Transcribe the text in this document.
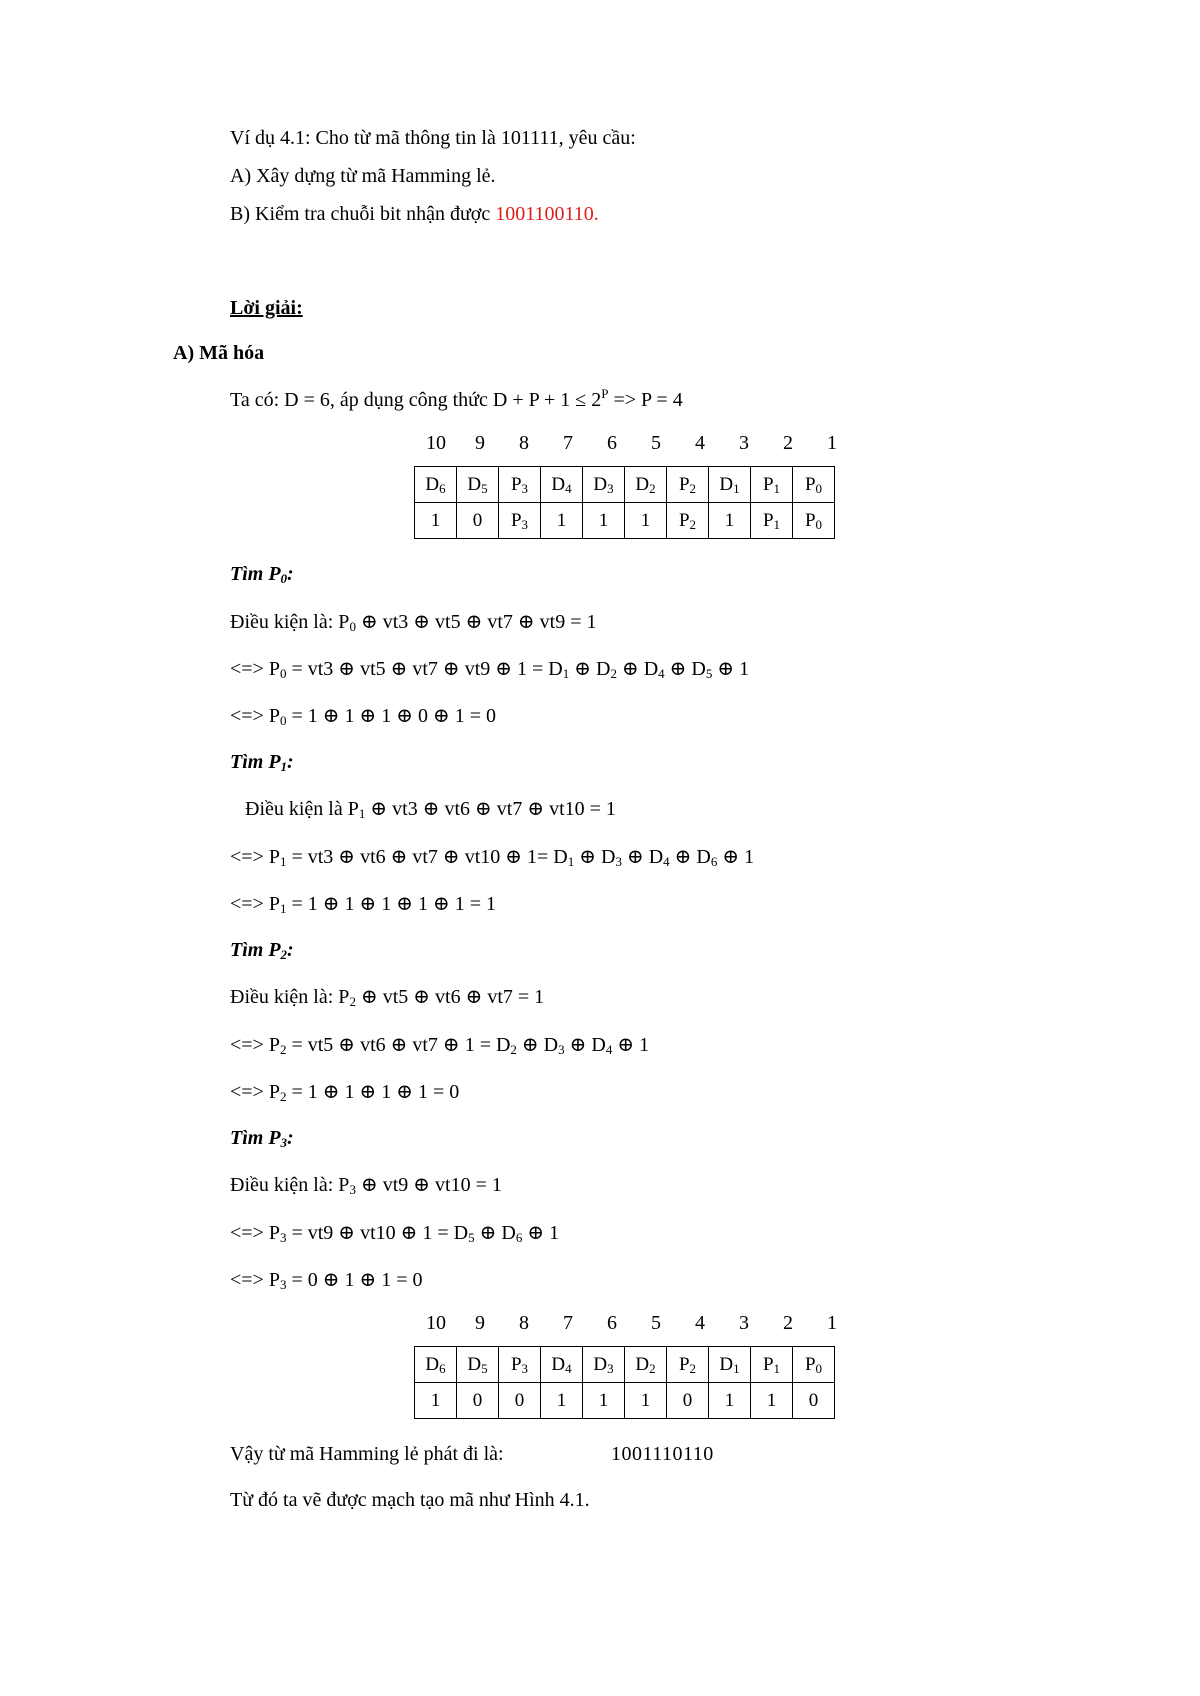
Ví dụ 4.1: Cho từ mã thông tin là 101111, yêu cầu:
A) Xây dựng từ mã Hamming lẻ.
B) Kiểm tra chuỗi bit nhận được 1001100110.
Lời giải:
A) Mã hóa
Ta có: D = 6, áp dụng công thức $D + P + 1 \le 2^P => P = 4$
10	9	8	7	6	5	4	3	2	1
$D_6$	$D_5$	$P_3$	$D_4$	$D_3$	$D_2$	$P_2$	$D_1$	$P_1$	$P_0$
1	0	$P_3$	1	1	1	$P_2$	1	$P_1$	$P_0$
Tìm $P_0$:
Điều kiện là: $P_0$ ⊕ vt3 ⊕ vt5 ⊕ vt7 ⊕ vt9 = 1
<=> $P_0 = vt3$ ⊕ vt5 ⊕ vt7 ⊕ vt9 ⊕ $1 = D_1$ ⊕ $D_2$ ⊕ $D_4$ ⊕ $D_5$ ⊕ 1
<=> $P_0 = 1$ ⊕ 1 ⊕ 1 ⊕ 0 ⊕ 1 = 0
Tìm $P_1$:
Điều kiện là $P_1$ ⊕ vt3 ⊕ vt6 ⊕ vt7 ⊕ vt10 = 1
<=> $P_1 = vt3$ ⊕ vt6 ⊕ vt7 ⊕ vt10 ⊕ $1= D_1$ ⊕ $D_3$ ⊕ $D_4$ ⊕ $D_6$ ⊕ 1
<=> $P_1 = 1$ ⊕ 1 ⊕ 1 ⊕ 1 ⊕ 1 = 1
Tìm $P_2$:
Điều kiện là: $P_2$ ⊕ vt5 ⊕ vt6 ⊕ vt7 = 1
<=> $P_2 = vt5$ ⊕ vt6 ⊕ vt7 ⊕ $1 = D_2$ ⊕ $D_3$ ⊕ $D_4$ ⊕ 1
<=> $P_2 = 1$ ⊕ 1 ⊕ 1 ⊕ 1 = 0
Tìm $P_3$:
Điều kiện là: $P_3$ ⊕ vt9 ⊕ vt10 = 1
<=> $P_3 = vt9$ ⊕ vt10 ⊕ $1 = D_5$ ⊕ $D_6$ ⊕ 1
<=> $P_3 = 0$ ⊕ 1 ⊕ 1 = 0
10	9	8	7	6	5	4	3	2	1
$D_6$	$D_5$	$P_3$	$D_4$	$D_3$	$D_2$	$P_2$	$D_1$	$P_1$	$P_0$
1	0	0	1	1	1	0	1	1	0
Vậy từ mã Hamming lẻ phát đi là:	1001110110
Từ đó ta vẽ được mạch tạo mã như Hình 4.1.
